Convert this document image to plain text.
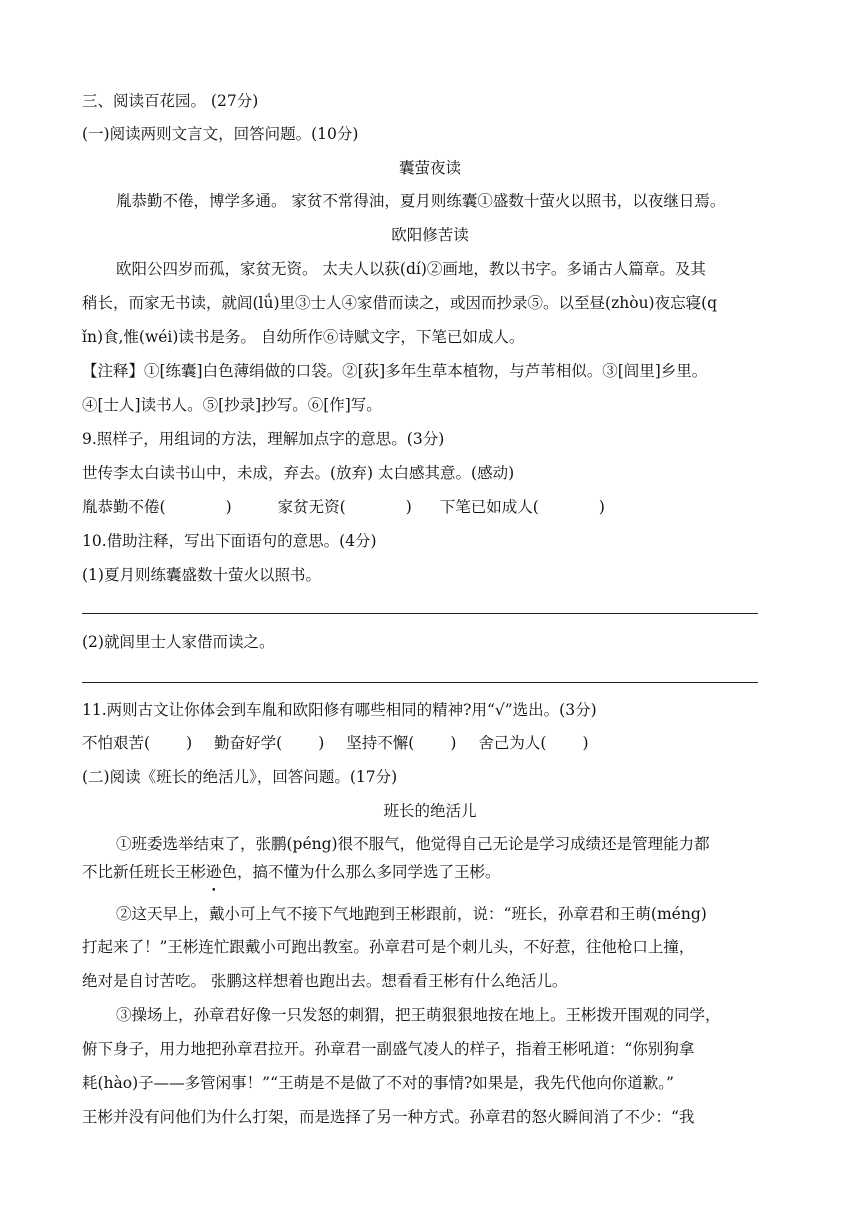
三、阅读百花园。 (27分)
(一)阅读两则文言文，回答问题。(10分)
囊萤夜读
胤恭勤不倦，博学多通。 家贫不常得油，夏月则练囊①盛数十萤火以照书，以夜继日焉。
欧阳修苦读
欧阳公四岁而孤，家贫无资。 太夫人以荻(dí)②画地，教以书字。多诵古人篇章。及其
稍长，而家无书读，就闾(lǘ)里③士人④家借而读之，或因而抄录⑤。以至昼(zhòu)夜忘寝(q
ǐn)食,惟(wéi)读书是务。 自幼所作⑥诗赋文字，下笔已如成人。
【注释】①[练囊]白色薄绢做的口袋。②[荻]多年生草本植物，与芦苇相似。③[闾里]乡里。
④[士人]读书人。⑤[抄录]抄写。⑥[作]写。
9.照样子，用组词的方法，理解加点字的意思。(3分)
世传李太白读书山中，未成，弃去。(放弃) 太白感其意。(感动)
胤恭勤不倦(	)	家贫无资(	) 下笔已如成人(	)
10.借助注释，写出下面语句的意思。(4分)
(1)夏月则练囊盛数十萤火以照书。
(2)就闾里士人家借而读之。
11.两则古文让你体会到车胤和欧阳修有哪些相同的精神?用“√”选出。(3分)
不怕艰苦( ) 勤奋好学( ) 坚持不懈( ) 舍己为人( )
(二)阅读《班长的绝活儿》，回答问题。(17分)
班长的绝活儿
①班委选举结束了，张鹏(péng)很不服气，他觉得自己无论是学习成绩还是管理能力都
不比新任班长王彬逊色，搞不懂为什么那么多同学选了王彬。
②这天早上，戴小可上气不接下气地跑到王彬跟前，说：“班长，孙章君和王萌(méng)
打起来了！”王彬连忙跟戴小可跑出教室。孙章君可是个刺儿头，不好惹，往他枪口上撞，
绝对是自讨苦吃。 张鹏这样想着也跑出去。想看看王彬有什么绝活儿。
③操场上，孙章君好像一只发怒的刺猬，把王萌狠狠地按在地上。王彬拨开围观的同学，
俯下身子，用力地把孙章君拉开。孙章君一副盛气凌人的样子，指着王彬吼道：“你别狗拿
耗(hào)子——多管闲事！”“王萌是不是做了不对的事情?如果是，我先代他向你道歉。”
王彬并没有问他们为什么打架，而是选择了另一种方式。孙章君的怒火瞬间消了不少：“我
